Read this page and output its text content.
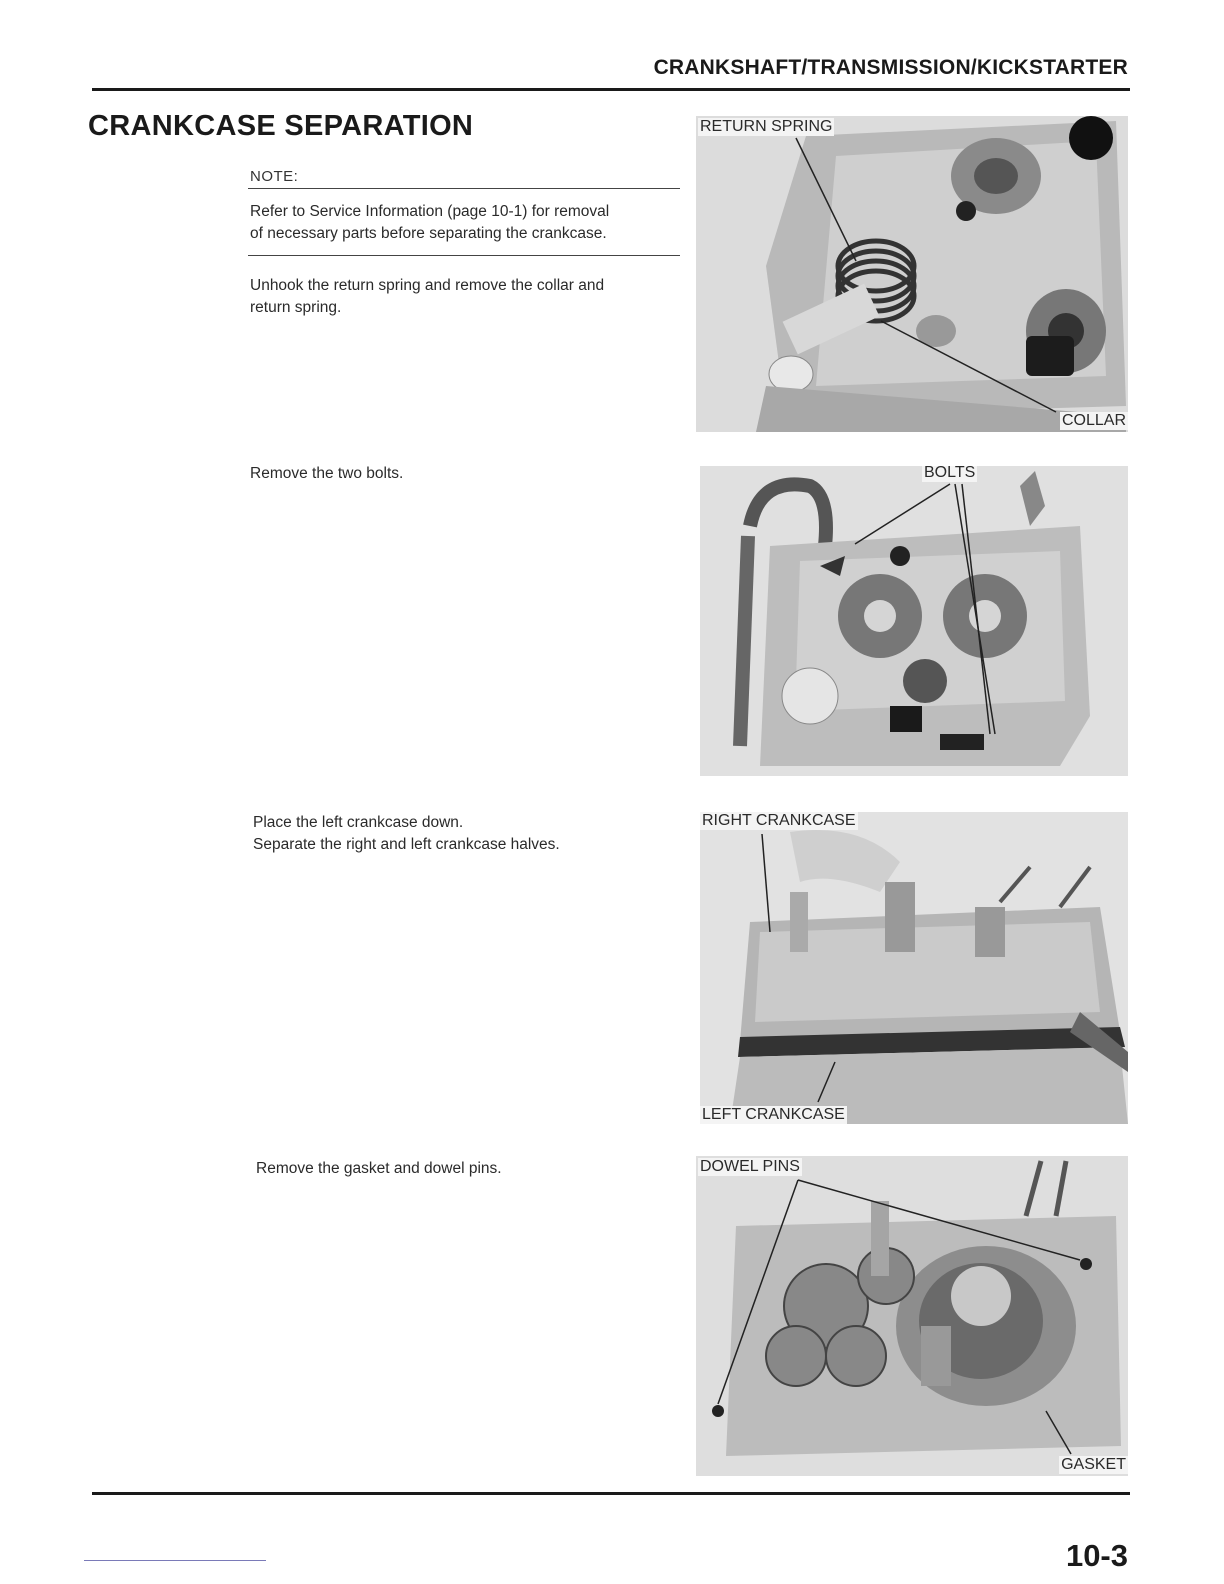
CRANKSHAFT/TRANSMISSION/KICKSTARTER
CRANKCASE SEPARATION
NOTE:
Refer to Service Information (page 10-1) for removal
of necessary parts before separating the crankcase.
Unhook the return spring and remove the collar and
return spring.
RETURN SPRING
COLLAR
Remove the two bolts.	BOLTS
Place the left crankcase down.
Separate the right and left crankcase halves.
RIGHT CRANKCASE
LEFT CRANKCASE
Remove the gasket and dowel pins.	DOWEL PINS
GASKET
10-3
